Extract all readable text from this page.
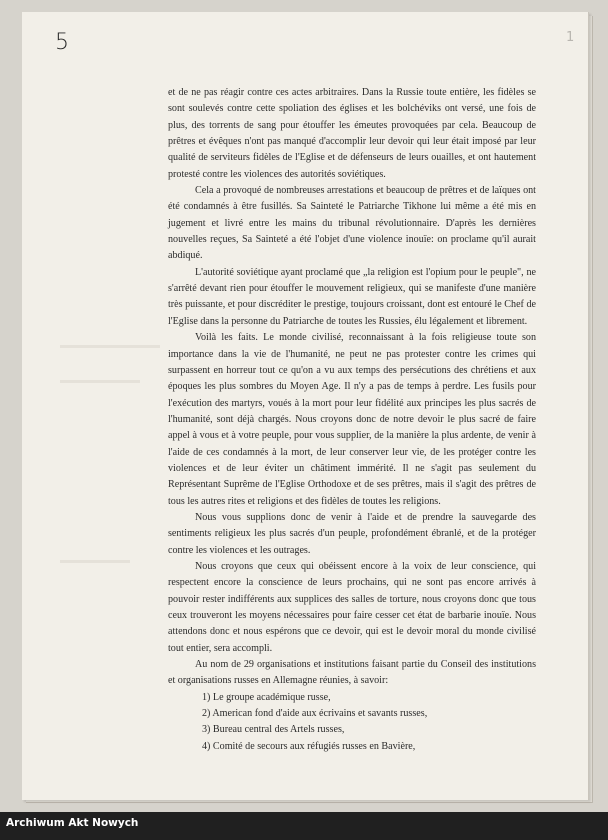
5	1

et de ne pas réagir contre ces actes arbitraires. Dans la Russie toute entière, les fidèles se sont soulevés contre cette spoliation des églises et les bolchéviks ont versé, une fois de plus, des torrents de sang pour étouffer les émeutes provoquées par cela. Beaucoup de prêtres et évêques n'ont pas manqué d'accomplir leur devoir qui leur était imposé par leur qualité de serviteurs fidèles de l'Eglise et de défenseurs de leurs ouailles, et ont hautement protesté contre les violences des autorités soviétiques.

Cela a provoqué de nombreuses arrestations et beaucoup de prêtres et de laïques ont été condamnés à être fusillés. Sa Sainteté le Patriarche Tikhone lui même a été mis en jugement et livré entre les mains du tribunal révolutionnaire. D'après les dernières nouvelles reçues, Sa Sainteté a été l'objet d'une violence inouïe: on proclame qu'il aurait abdiqué.

L'autorité soviétique ayant proclamé que „la religion est l'opium pour le peuple", ne s'arrêté devant rien pour étouffer le mouvement religieux, qui se manifeste d'une manière très puissante, et pour discréditer le prestige, toujours croissant, dont est entouré le Chef de l'Eglise dans la personne du Patriarche de toutes les Russies, élu légalement et librement.

Voilà les faits. Le monde civilisé, reconnaissant à la fois religieuse toute son importance dans la vie de l'humanité, ne peut ne pas protester contre les crimes qui surpassent en horreur tout ce qu'on a vu aux temps des persécutions des chrétiens et aux époques les plus sombres du Moyen Age. Il n'y a pas de temps à perdre. Les fusils pour l'exécution des martyrs, voués à la mort pour leur fidélité aux principes les plus sacrés de l'humanité, sont déjà chargés. Nous croyons donc de notre devoir le plus sacré de faire appel à vous et à votre peuple, pour vous supplier, de la manière la plus ardente, de venir à l'aide de ces condamnés à la mort, de leur conserver leur vie, de les protéger contre les violences et de leur éviter un châtiment immérité. Il ne s'agit pas seulement du Représentant Suprême de l'Eglise Orthodoxe et de ses prêtres, mais il s'agit des prêtres de tous les autres rites et religions et des fidèles de toutes les religions.

Nous vous supplions donc de venir à l'aide et de prendre la sauvegarde des sentiments religieux les plus sacrés d'un peuple, profondément ébranlé, et de la protéger contre les violences et les outrages.

Nous croyons que ceux qui obéissent encore à la voix de leur conscience, qui respectent encore la conscience de leurs prochains, qui ne sont pas encore arrivés à pouvoir rester indifférents aux supplices des salles de torture, nous croyons donc que tous ceux trouveront les moyens nécessaires pour faire cesser cet état de barbarie inouïe. Nous attendons donc et nous espérons que ce devoir, qui est le devoir moral du monde civilisé tout entier, sera accompli.

Au nom de 29 organisations et institutions faisant partie du Conseil des institutions et organisations russes en Allemagne réunies, à savoir:

1) Le groupe académique russe,
2) American fond d'aide aux écrivains et savants russes,
3) Bureau central des Artels russes,
4) Comité de secours aux réfugiés russes en Bavière,
Archiwum Akt Nowych
